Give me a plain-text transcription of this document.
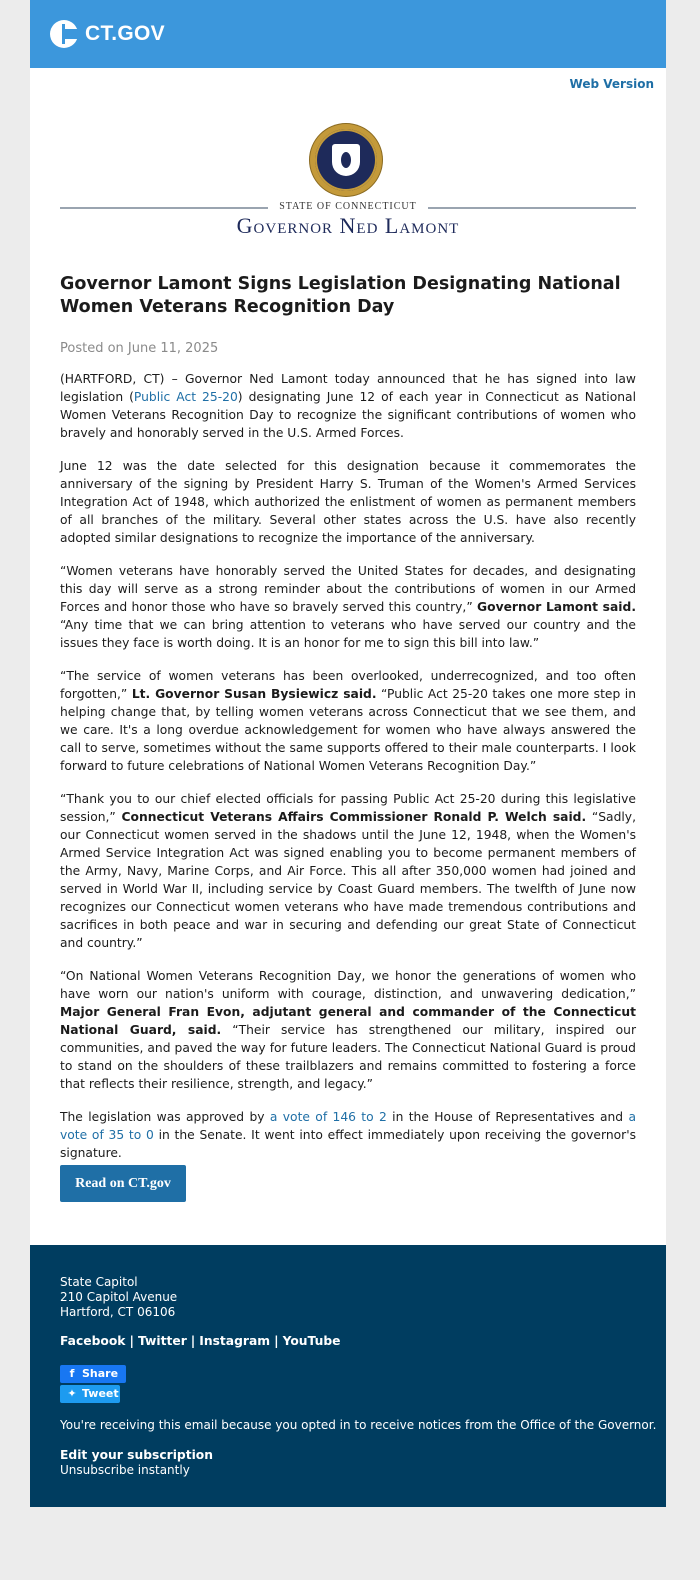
CT.GOV
Web Version
STATE OF CONNECTICUT
Governor Ned Lamont
Governor Lamont Signs Legislation Designating National Women Veterans Recognition Day
Posted on June 11, 2025

(HARTFORD, CT) – Governor Ned Lamont today announced that he has signed into law legislation (Public Act 25-20) designating June 12 of each year in Connecticut as National Women Veterans Recognition Day to recognize the significant contributions of women who bravely and honorably served in the U.S. Armed Forces.

June 12 was the date selected for this designation because it commemorates the anniversary of the signing by President Harry S. Truman of the Women's Armed Services Integration Act of 1948, which authorized the enlistment of women as permanent members of all branches of the military. Several other states across the U.S. have also recently adopted similar designations to recognize the importance of the anniversary.

“Women veterans have honorably served the United States for decades, and designating this day will serve as a strong reminder about the contributions of women in our Armed Forces and honor those who have so bravely served this country,” Governor Lamont said. “Any time that we can bring attention to veterans who have served our country and the issues they face is worth doing. It is an honor for me to sign this bill into law.”

“The service of women veterans has been overlooked, underrecognized, and too often forgotten,” Lt. Governor Susan Bysiewicz said. “Public Act 25-20 takes one more step in helping change that, by telling women veterans across Connecticut that we see them, and we care. It's a long overdue acknowledgement for women who have always answered the call to serve, sometimes without the same supports offered to their male counterparts. I look forward to future celebrations of National Women Veterans Recognition Day.”

“Thank you to our chief elected officials for passing Public Act 25-20 during this legislative session,” Connecticut Veterans Affairs Commissioner Ronald P. Welch said. “Sadly, our Connecticut women served in the shadows until the June 12, 1948, when the Women's Armed Service Integration Act was signed enabling you to become permanent members of the Army, Navy, Marine Corps, and Air Force. This all after 350,000 women had joined and served in World War II, including service by Coast Guard members. The twelfth of June now recognizes our Connecticut women veterans who have made tremendous contributions and sacrifices in both peace and war in securing and defending our great State of Connecticut and country.”

“On National Women Veterans Recognition Day, we honor the generations of women who have worn our nation's uniform with courage, distinction, and unwavering dedication,” Major General Fran Evon, adjutant general and commander of the Connecticut National Guard, said. “Their service has strengthened our military, inspired our communities, and paved the way for future leaders. The Connecticut National Guard is proud to stand on the shoulders of these trailblazers and remains committed to fostering a force that reflects their resilience, strength, and legacy.”

The legislation was approved by a vote of 146 to 2 in the House of Representatives and a vote of 35 to 0 in the Senate. It went into effect immediately upon receiving the governor's signature.

Read on CT.gov
State Capitol
210 Capitol Avenue
Hartford, CT 06106
Facebook | Twitter | Instagram | YouTube
f Share
✦ Tweet
You're receiving this email because you opted in to receive notices from the Office of the Governor.
Edit your subscription
Unsubscribe instantly
